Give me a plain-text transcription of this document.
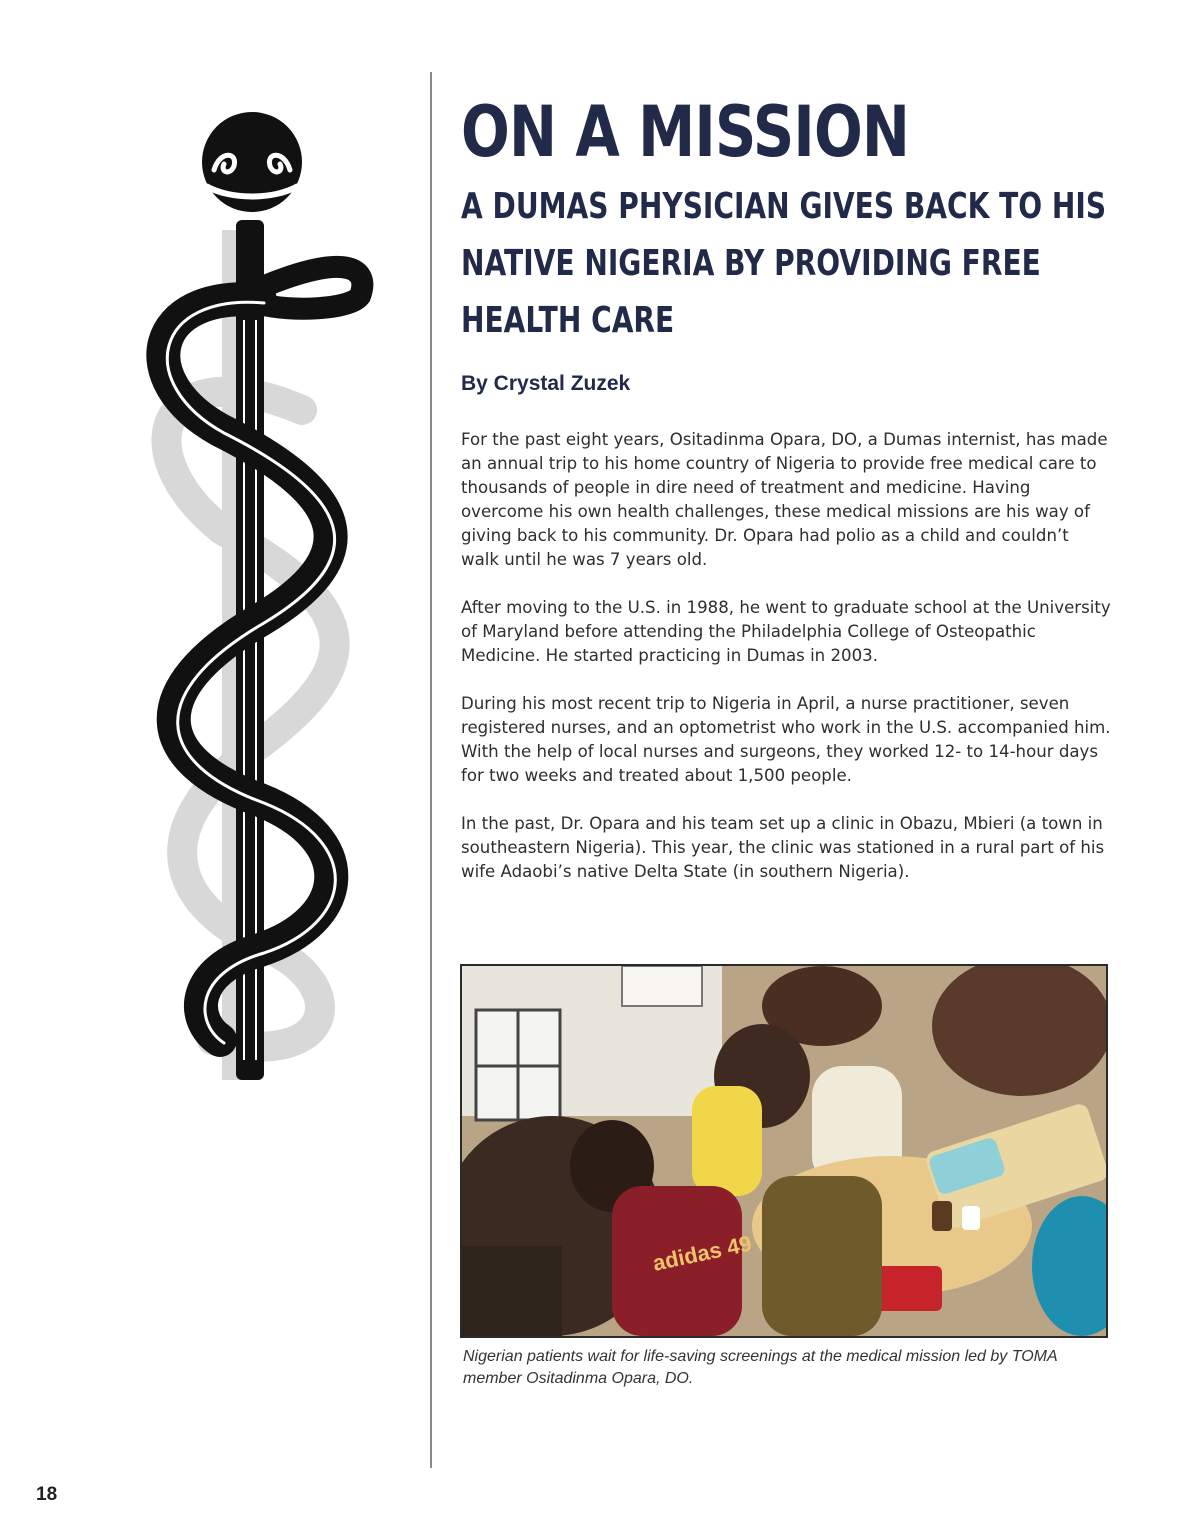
ON A MISSION
A DUMAS PHYSICIAN GIVES BACK TO HIS
NATIVE NIGERIA BY PROVIDING FREE
HEALTH CARE

By Crystal Zuzek

For the past eight years, Ositadinma Opara, DO, a Dumas internist, has made an annual trip to his home country of Nigeria to provide free medical care to thousands of people in dire need of treatment and medicine. Having overcome his own health challenges, these medical missions are his way of giving back to his community. Dr. Opara had polio as a child and couldn’t walk until he was 7 years old.

After moving to the U.S. in 1988, he went to graduate school at the University of Maryland before attending the Philadelphia College of Osteopathic Medicine. He started practicing in Dumas in 2003.

During his most recent trip to Nigeria in April, a nurse practitioner, seven registered nurses, and an optometrist who work in the U.S. accompanied him. With the help of local nurses and surgeons, they worked 12- to 14-hour days for two weeks and treated about 1,500 people.

In the past, Dr. Opara and his team set up a clinic in Obazu, Mbieri (a town in southeastern Nigeria). This year, the clinic was stationed in a rural part of his wife Adaobi’s native Delta State (in southern Nigeria).

adidas 49

Nigerian patients wait for life-saving screenings at the medical mission led by TOMA member Ositadinma Opara, DO.

18
